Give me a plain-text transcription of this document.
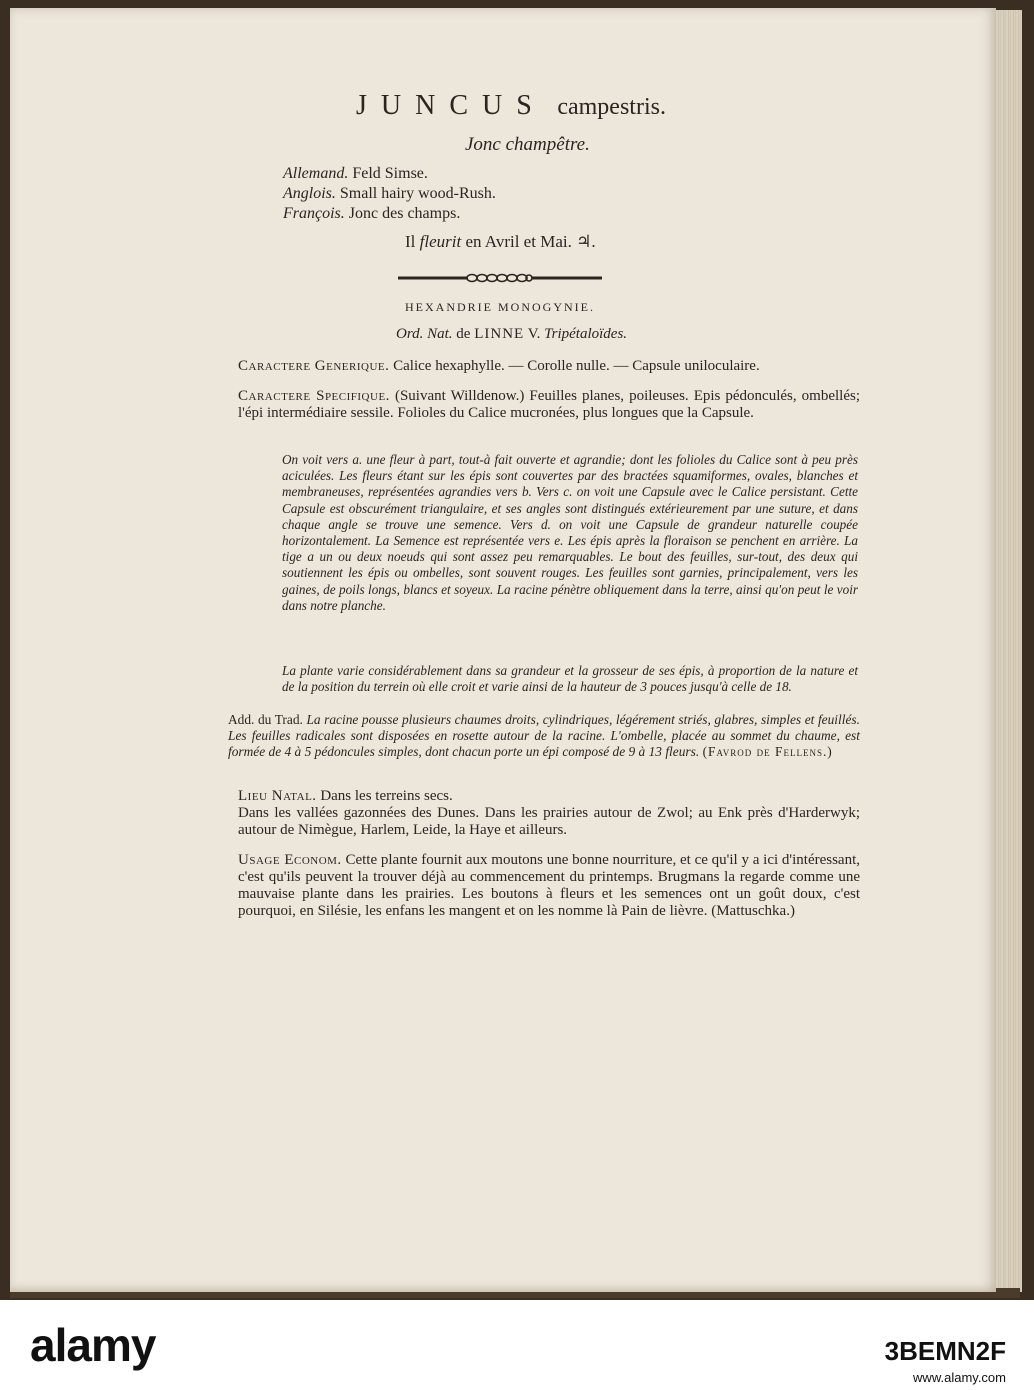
JUNCUS campestris.
Jonc champêtre.
Allemand. Feld Simse.
Anglois. Small hairy wood-Rush.
François. Jonc des champs.
Il fleurit en Avril et Mai. ♃.
HEXANDRIE MONOGYNIE.
Ord. Nat. de LINNE V. Tripétaloïdes.
Caractere Generique. Calice hexaphylle. — Corolle nulle. — Capsule uniloculaire.
Caractere Specifique. (Suivant Willdenow.) Feuilles planes, poileuses. Epis pédonculés, ombellés; l'épi intermédiaire sessile. Folioles du Calice mucronées, plus longues que la Capsule.
On voit vers a. une fleur à part, tout-à fait ouverte et agrandie; dont les folioles du Calice sont à peu près aciculées. Les fleurs étant sur les épis sont couvertes par des bractées squamiformes, ovales, blanches et membraneuses, représentées agrandies vers b. Vers c. on voit une Capsule avec le Calice persistant. Cette Capsule est obscurément triangulaire, et ses angles sont distingués extérieurement par une suture, et dans chaque angle se trouve une semence. Vers d. on voit une Capsule de grandeur naturelle coupée horizontalement. La Semence est représentée vers e. Les épis après la floraison se penchent en arrière. La tige a un ou deux noeuds qui sont assez peu remarquables. Le bout des feuilles, sur-tout, des deux qui soutiennent les épis ou ombelles, sont souvent rouges. Les feuilles sont garnies, principalement, vers les gaines, de poils longs, blancs et soyeux. La racine pénètre obliquement dans la terre, ainsi qu'on peut le voir dans notre planche.
La plante varie considérablement dans sa grandeur et la grosseur de ses épis, à proportion de la nature et de la position du terrein où elle croit et varie ainsi de la hauteur de 3 pouces jusqu'à celle de 18.
Add. du Trad. La racine pousse plusieurs chaumes droits, cylindriques, légérement striés, glabres, simples et feuillés. Les feuilles radicales sont disposées en rosette autour de la racine. L'ombelle, placée au sommet du chaume, est formée de 4 à 5 pédoncules simples, dont chacun porte un épi composé de 9 à 13 fleurs. (Favrod de Fellens.)
Lieu Natal. Dans les terreins secs.
Dans les vallées gazonnées des Dunes. Dans les prairies autour de Zwol; au Enk près d'Harderwyk; autour de Nimègue, Harlem, Leide, la Haye et ailleurs.
Usage Econom. Cette plante fournit aux moutons une bonne nourriture, et ce qu'il y a ici d'intéressant, c'est qu'ils peuvent la trouver déjà au commencement du printemps. Brugmans la regarde comme une mauvaise plante dans les prairies. Les boutons à fleurs et les semences ont un goût doux, c'est pourquoi, en Silésie, les enfans les mangent et on les nomme là Pain de lièvre. (Mattuschka.)
alamy	3BEMN2F
www.alamy.com
